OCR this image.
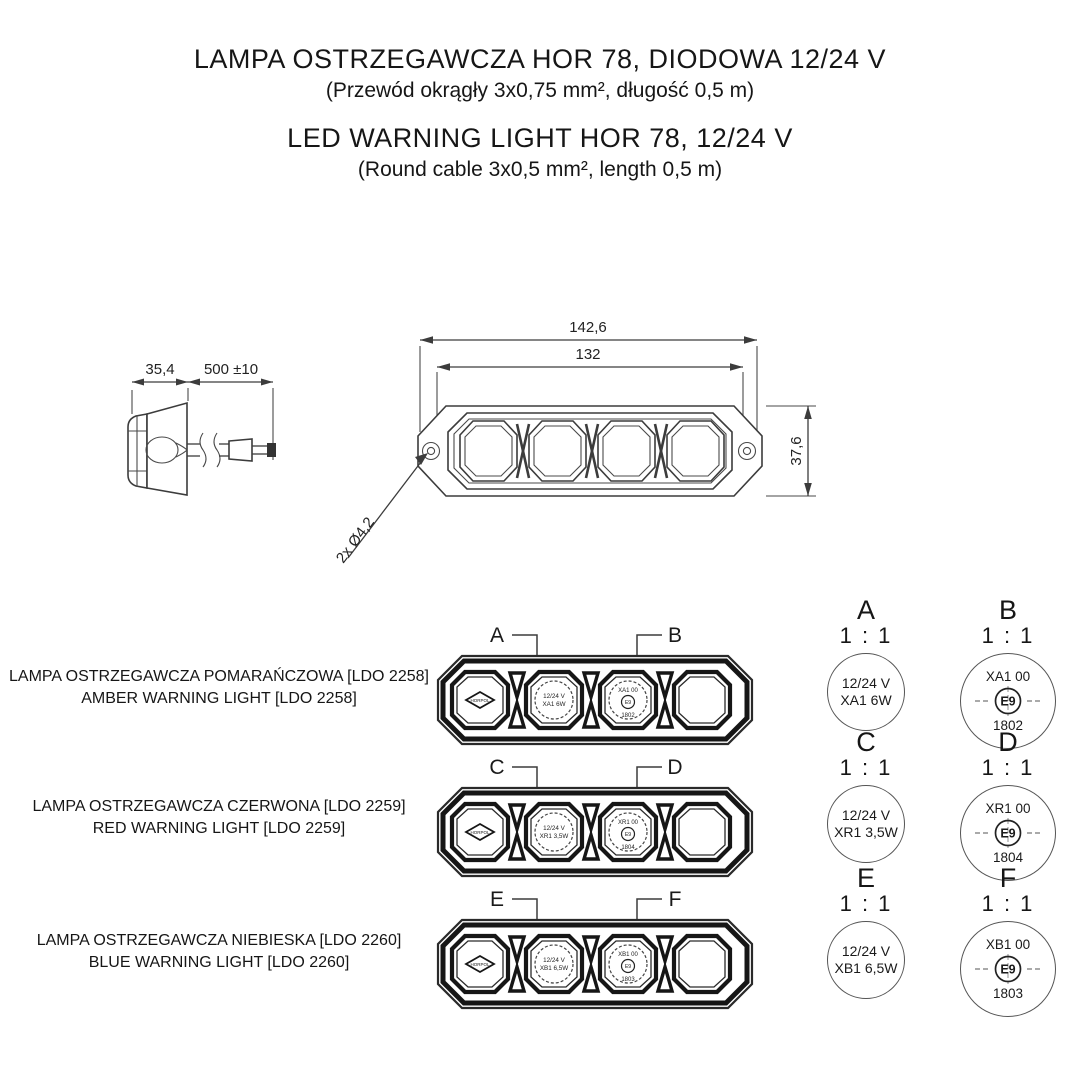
LAMPA OSTRZEGAWCZA HOR 78, DIODOWA 12/24 V
(Przewód okrągły 3x0,75 mm², długość 0,5 m)
LED WARNING LIGHT HOR 78, 12/24 V
(Round cable 3x0,5 mm², length 0,5 m)
35,4 500 ±10
142,6
132
37,6
2x Ø4,2
LAMPA OSTRZEGAWCZA POMARAŃCZOWA [LDO 2258]
AMBER WARNING LIGHT [LDO 2258]
A	B
HORPOL
12/24 V
XA1 6W
XA1 00
E9
1802
LAMPA OSTRZEGAWCZA CZERWONA [LDO 2259]
RED WARNING LIGHT [LDO 2259]
C	D
HORPOL
12/24 V
XR1 3,5W
XR1 00
E9
1804
LAMPA OSTRZEGAWCZA NIEBIESKA [LDO 2260]
BLUE WARNING LIGHT [LDO 2260]
E	F
HORPOL
12/24 V
XB1 6,5W
XB1 00
E9
1803
A
1 : 1
12/24 V
XA1 6W
B
1 : 1
XA1 00
E9
1802
C
1 : 1
12/24 V
XR1 3,5W
D
1 : 1
XR1 00
E9
1804
E
1 : 1
12/24 V
XB1 6,5W
F
1 : 1
XB1 00
E9
1803
